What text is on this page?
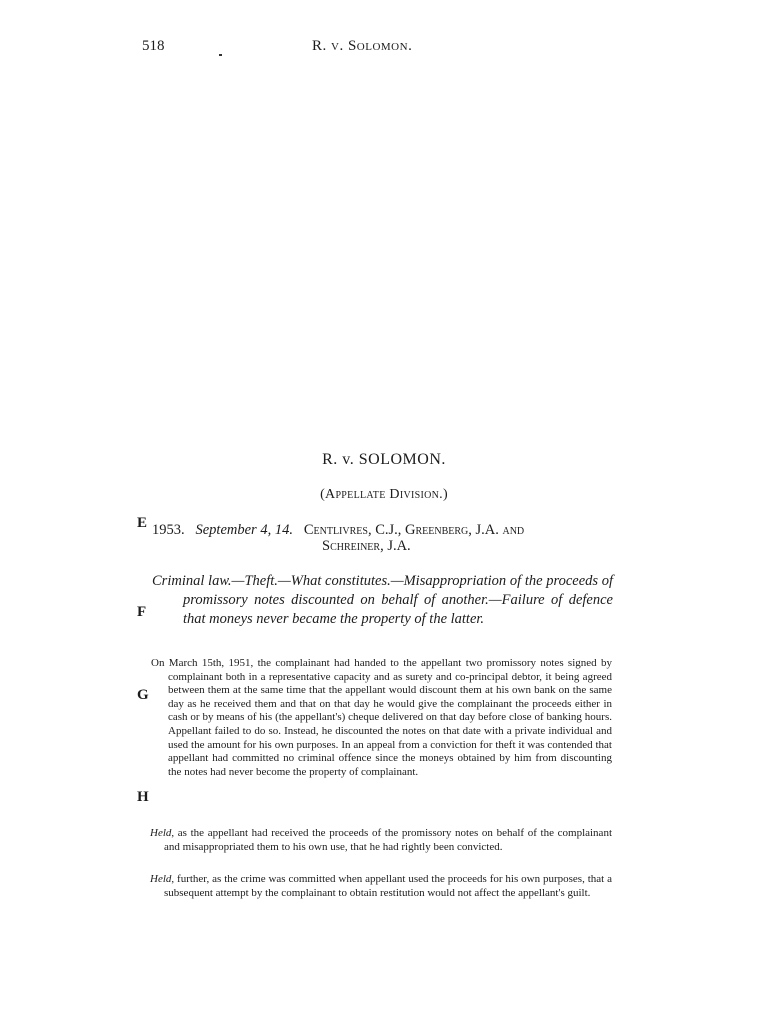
518	R. v. Solomon.
R. v. SOLOMON.
(Appellate Division.)
E
F
G
H
1953. September 4, 14. Centlivres, C.J., Greenberg, J.A. and
Schreiner, J.A.
Criminal law.—Theft.—What constitutes.—Misappropriation of the proceeds of promissory notes discounted on behalf of another.—Failure of defence that moneys never became the property of the latter.
On March 15th, 1951, the complainant had handed to the appellant two promissory notes signed by complainant both in a representative capacity and as surety and co-principal debtor, it being agreed between them at the same time that the appellant would discount them at his own bank on the same day as he received them and that on that day he would give the complainant the proceeds either in cash or by means of his (the appellant's) cheque delivered on that day before close of banking hours. Appellant failed to do so. Instead, he discounted the notes on that date with a private individual and used the amount for his own purposes. In an appeal from a conviction for theft it was contended that appellant had committed no criminal offence since the moneys obtained by him from discounting the notes had never become the property of complainant.
Held, as the appellant had received the proceeds of the promissory notes on behalf of the complainant and misappropriated them to his own use, that he had rightly been convicted.
Held, further, as the crime was committed when appellant used the proceeds for his own purposes, that a subsequent attempt by the complainant to obtain restitution would not affect the appellant's guilt.
